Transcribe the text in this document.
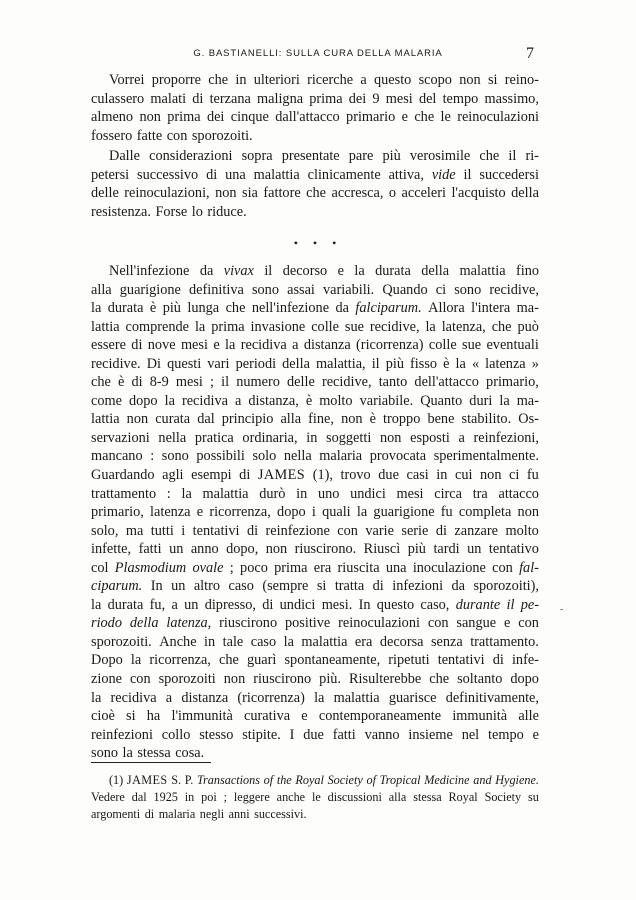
G. BASTIANELLI: SULLA CURA DELLA MALARIA	7
Vorrei proporre che in ulteriori ricerche a questo scopo non si reino-
culassero malati di terzana maligna prima dei 9 mesi del tempo massimo,
almeno non prima dei cinque dall'attacco primario e che le reinoculazioni
fossero fatte con sporozoiti.
Dalle considerazioni sopra presentate pare più verosimile che il ri-
petersi successivo di una malattia clinicamente attiva, vide il succedersi
delle reinoculazioni, non sia fattore che accresca, o acceleri l'acquisto della
resistenza. Forse lo riduce.
• • •
Nell'infezione da vivax il decorso e la durata della malattia fino
alla guarigione definitiva sono assai variabili. Quando ci sono recidive,
la durata è più lunga che nell'infezione da falciparum. Allora l'intera ma-
lattia comprende la prima invasione colle sue recidive, la latenza, che può
essere di nove mesi e la recidiva a distanza (ricorrenza) colle sue eventuali
recidive. Di questi vari periodi della malattia, il più fisso è la « latenza »
che è di 8-9 mesi ; il numero delle recidive, tanto dell'attacco primario,
come dopo la recidiva a distanza, è molto variabile. Quanto duri la ma-
lattia non curata dal principio alla fine, non è troppo bene stabilito. Os-
servazioni nella pratica ordinaria, in soggetti non esposti a reinfezioni,
mancano : sono possibili solo nella malaria provocata sperimentalmente.
Guardando agli esempi di JAMES (1), trovo due casi in cui non ci fu
trattamento : la malattia durò in uno undici mesi circa tra attacco
primario, latenza e ricorrenza, dopo i quali la guarigione fu completa non
solo, ma tutti i tentativi di reinfezione con varie serie di zanzare molto
infette, fatti un anno dopo, non riuscirono. Riuscì più tardi un tentativo
col Plasmodium ovale ; poco prima era riuscita una inoculazione con fal-
ciparum. In un altro caso (sempre si tratta di infezioni da sporozoiti),
la durata fu, a un dipresso, di undici mesi. In questo caso, durante il pe-
riodo della latenza, riuscirono positive reinoculazioni con sangue e con
sporozoiti. Anche in tale caso la malattia era decorsa senza trattamento.
Dopo la ricorrenza, che guarì spontaneamente, ripetuti tentativi di infe-
zione con sporozoiti non riuscirono più. Risulterebbe che soltanto dopo
la recidiva a distanza (ricorrenza) la malattia guarisce definitivamente,
cioè si ha l'immunità curativa e contemporaneamente immunità alle
reinfezioni collo stesso stipite. I due fatti vanno insieme nel tempo e
sono la stessa cosa.
-
(1) JAMES S. P. Transactions of the Royal Society of Tropical Medicine and Hygiene.
Vedere dal 1925 in poi ; leggere anche le discussioni alla stessa Royal Society su
argomenti di malaria negli anni successivi.
